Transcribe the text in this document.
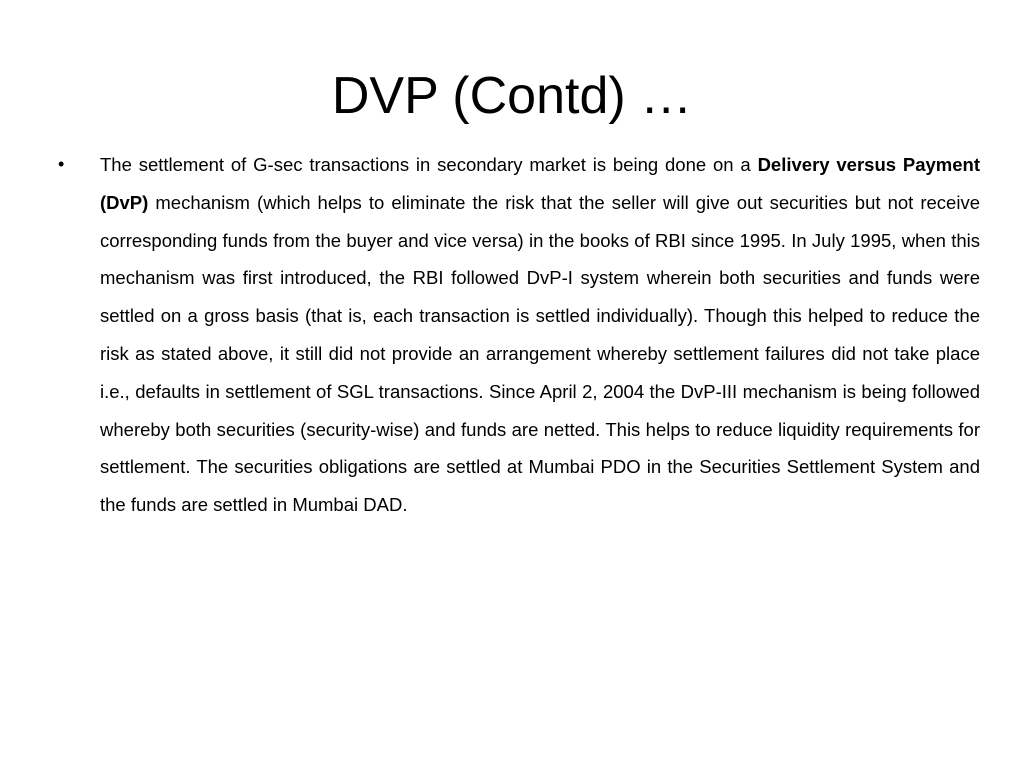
DVP (Contd) …
•	The settlement of G-sec transactions in secondary market is being done on a Delivery versus Payment (DvP) mechanism (which helps to eliminate the risk that the seller will give out securities but not receive corresponding funds from the buyer and vice versa) in the books of RBI since 1995. In July 1995, when this mechanism was first introduced, the RBI followed DvP-I system wherein both securities and funds were settled on a gross basis (that is, each transaction is settled individually). Though this helped to reduce the risk as stated above, it still did not provide an arrangement whereby settlement failures did not take place i.e., defaults in settlement of SGL transactions. Since April 2, 2004 the DvP-III mechanism is being followed whereby both securities (security-wise) and funds are netted. This helps to reduce liquidity requirements for settlement. The securities obligations are settled at Mumbai PDO in the Securities Settlement System and the funds are settled in Mumbai DAD.
